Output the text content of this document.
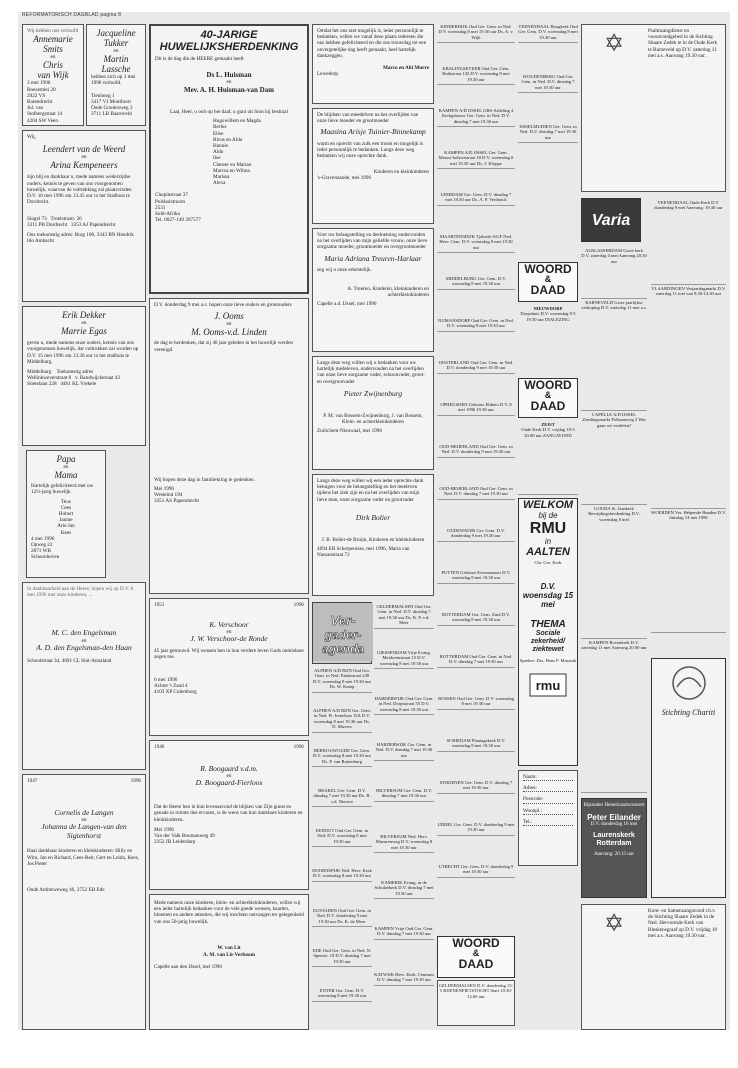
REFORMATORISCH DAGBLAD pagina 8
Wij hebben ons verloofd
Annemarie
Smits
en
Chris
van Wijk
3 mei 1996
Boezemlei 20
2922 VS
Barendrecht
Jul. van
Stolbergstraat 14
4204 SW Veen
Jacqueline
Tukker
en
Martin
Lassche
hebben zich op 3 mei 1996 verloofd.

Tienhoog 1
3417 VJ Montfoort
Oude Gooiersweg 3
3711 LB Baarnveld
Wij,
Leendert van de Weerd
en
Arina Kempeneers

zijn blij en dankbaar u, mede namens wederzijdse ouders, kennis te geven van ons voorgenomen huwelijk, waarvan de voltrekking zal plaatsvinden D.V. 10 mei 1996 om 13.45 uur in het Stadhuis te Dordrecht.

Singel 73 Troelstrastr. 26
3311 PB Dordrecht 3353 AJ Papendrecht

Ons toekomstig adres: Burg 100, 3343 BN Hendrik Ido Ambacht

Erik Dekker
en
Marrie Egas

geven u, mede namens onze ouders, kennis van ons voorgenomen huwelijk, dat voltrokken zal worden op D.V. 15 mei 1996 om 13.30 uur in het stadhuis te Middelburg.

Middelburg Toekomstig adres
Wellinkweverstraat 8 v. Randwijckstraat 43
Stietelaan 228 4461 KL Vrekele
Papa
en
Mama

Hartelijk gefeliciteerd met uw 12½-jarig huwelijk

Teus
Cees
Hubert
Janine
Arie Jan
Kees
4 mei 1996
Opweg 22
2871 WB
Schoonhoven
In dankbaarheid aan de Heere, hopen wij op D.V. 8 mei 1996 met onze kinderen, ...

M. C. den Engelsman
en
A. D. den Engelsman-den Haan

Schoolstraat 34, 4691 CL Sint-Annaland

1947	1996

Cornelis de Langen
en
Johanna de Langen-van den Sigtenhorst

Haai dankbaar kinderen en kleinkinderen: Hilly en Wim, Jan en Richard, Cees-Reit, Gert en Leida, Kees, Jos Pieter

Oude Ambtsweweg 46, 2752 EB Ede

40-JARIGE HUWELIJKSHERDENKING

Dit is de dag die de HEERE gemaakt heeft

Ds L. Huisman
en
Mev. A. H. Huisman-van Dam

Laat, Heer, u ooit op het daal; u gunt uit Sion hij bestraal

Hugowillem en Magda
Berlus
Elise
Ricus en Alda
Hannie
Aldo
Ilse
Chester en Marian
Marcus en Wilma
Marissa
Alexa
Chopinstraat 37
Polsholstroom
2531
Sold-Afrika
Tel. 0027-149 297577

D.V. donderdag 9 mei a.s. hopen onze lieve ouders en grootouders

J. Ooms
en
M. Ooms-v.d. Linden

de dag te herdenken, dat zij 40 jaar geleden in het huwelijk werden verenigd.

Wij hopen deze dag in familiekring te gedenken.

Mei 1996
Westeind 194
3351 AS Papendrecht
1951	1996

K. Verschoor
en
J. W. Verschoor-de Ronde

45 jaar getrouwd. Wij wensen hen in hun verdere leven Gods onmisbare zegen toe.

6 mei 1996
Achter 't Zand 4
4103 XP Culemborg
1946	1996

R. Boogaard v.d.m.
en
D. Boogaard-Fierloos

Dat de Heere hen in hun levensavond de blijken van Zijn gunst en genade in ruimte doe ervaren, is de wens van hun dankbare kinderen en kleinkinderen.

Mei 1996
Van der Valk Boumanweg 49
2352 JB Leiderdorp

Mede namens onze kinderen, klein- en achterkleinkinderen, willen wij een ieder hartelijk bedanken voor de vele goede wensen, kaarten, bloemen en andere attenties, die wij mochten ontvangen ter gelegenheid van ons 50-jarig huwelijk.

W. van Lit
A. M. van Lit-Verboom

Capelle aan den IJssel, mei 1996

Omdat het ons niet mogelijk is, ieder persoonlijk te bedanken, willen we vanaf deze plaats iedereen die ons hebben gefeliciteerd en die ons trouwdag tot een onvergetelijke dag heeft gemaakt, heel hartelijk dankzeggen.

Marco en Abi Murre

Lewedorp

De blijdsen van meedelven na het overlijden van onze lieve moeder en grootmoeder

Maasina Arisje Tuinier-Binnekamp

warm en oprecht van zulk een troost en mogelijk is ieder persoonlijk te bedanken. Langs deze weg bedanken wij onze oprechte dank.

Kinderen en kleinkinderen

's-Gravenzande, mei 1996

Voor uw belangstelling en deelneming ondervonden na het overlijden van mijn geliefde vrouw, onze lieve zorgzame moeder, grootmoeder en overgrootmoeder

Maria Adriana Treuren-Harlaar

zeg wij u onze erkentelijk.

A. Treuren, Kinderen, kleinkinderen en achterkleinkinderen

Capelle a.d. IJssel, mei 1996

Langs deze weg willen wij u bedanken voor uw hartelijk medeleven, ondervonden na het overlijden van onze lieve zorgzame vader, schoonvader, groot- en overgrootvader

Pieter Zwijnenburg

P. M. van Bossem-Zwijnenburg, J. van Bossem, Klein- en achterkleinkinderen

Zuilichem-Nieuwaal, mei 1996

Langs deze weg willen wij een ieder oprechte dank betuigen voor de belangstelling en het meeleven tijdens het ziek zijn en na het overlijden van mijn lieve man, onze zorgzame vader en grootvader

Dirk Bolier

J. B. Bolier-de Bruijn, Kinderen en kleinkinderen

4694 EB Scherpenisse, mei 1996, Maria van Nassaustraat 72
Ver-
gader-
agenda
ALPHEN A/D RIJN Oud Ger. Gem. in Ned. Eindsstraat 249 D.V. woensdag 8 mei 19.30 uur Ds. W. Kamp
ALPHEN A/D RIJN Ger. Gem. in Ned. Pr. Irenelaan 15A D.V. woensdag 8 mei 19.30 uur Ds. D. Muvers
BERKOUWOUDE Ger. Gem. D.V. woensdag 8 mei 19.30 uur Ds. P. van Ruitenburg
BRAKEL Ger. Gem. D.V. dinsdag 7 mei 19.30 uur Ds. R. v.d. Nieuwe
EEDOUT Oud Ger. Gem. in Ned. D.V. woensdag 8 mei 19.30 uur
DOORNSPIJK Ned. Herv. Kerk D.V. woensdag 8 mei 19.30 uur
EUSTADEN Oud Ger. Gem. in Ned. D.V. donderdag 9 mei 19.30 uur Ds. K. de Meer
EDE Oud Ger. Gem. in Ned. N. Speeste, 18 D.V. dinsdag 7 mei 19.30 uur
ENTER Ger. Gem. D.V. woensdag 8 mei 19.30 uur
GELDERMALSEN Oud Ger. Gem. in Ned. D.V. dinsdag 7 mei 19.30 uur Ds. K. P. v.d. Meer
GIESSENDAM Vrije Evang. Meidorenstraat 15 D.V. woensdag 8 mei 19.30 uur
HARDERWIJK Oud Ger. Gem. in Ned. Dorpsstraat 55 D.V. woensdag 8 mei 19.30 uur
HARDERWIJK Ger. Gem. in Ned. D.V. dinsdag 7 mei 19.30 uur
HILVERSUM Ger. Gem. D.V. dinsdag 7 mei 19.30 uur
HILVERSUM Ned. Herv. Mazurenweg D.V. woensdag 8 mei 19.30 uur
KAMERIK Evang. in de Schulzekerk D.V. dinsdag 7 mei 19.30 uur
KAMPEN Vrije Oud Ger. Gem. D.V. dinsdag 7 mei 19.30 uur
KATWIJK Herv. Kerk, Centrum D.V. dinsdag 7 mei 19.30 uur
KINDERDIJK Oud Ger. Gem. in Ned. D.V. woensdag 8 mei 19.30 uur Ds. A. v. Wijk
KRALINGSEVEER Oud Ger. Gem. Ruthstraat 143 D.V. woensdag 8 mei 19.30 uur
KAMPEN A/D IJSSEL GBS-Afdeling 4 Kerkgebouw Ger. Gem. in Ned. D.V. dinsdag 7 mei 19.30 uur
KAMPEN A/D IJSSEL Ger. Gem. Mezzo-bolsterstraat 18 D.V. woensdag 8 mei 19.30 uur Ds. J. Kloppe
LEERDAM Ger. Gem. D.V. dinsdag 7 mei 19.30 uur Ds. A. P. Verdonck
MAARTENSDIJK Tjalsede 0/GF Ned. Herv. Gem. D.V. woensdag 8 mei 19.30 uur
MIDDELBURG Ger. Gem. D.V. woensdag 8 mei 19.30 uur
NUMANSDORP Oud Ger. Gem. in Ned. D.V. woensdag 8 mei 19.30 uur
OOSTERLAND Oud Ger. Gem. in Ned. D.V. donderdag 9 mei 19.30 uur
OPHEUSDEN Gebouw Eltheto D.V. 8 mei 1996 19.30 uur
OUD-BEIJERLAND Oud Ger. Gem. in Ned. D.V. donderdag 9 mei 19.30 uur
OUD-BEIJERLAND Oud Ger. Gem. in Ned. D.V. dinsdag 7 mei 19.30 uur
OUDEWATER Ger. Gem. D.V. donderdag 9 mei 19.30 uur
PUTTEN Geboure Evenaenauer D.V. woensdag 8 mei 19.30 uur
ROTTERDAM Ger. Gem. Zuid D.V. woensdag 8 mei 19.30 uur
ROTTERDAM Oud Ger. Gem. in Ned. D.V. dinsdag 7 mei 19.30 uur
ROSSEN Oud Ger. Gem. D.V. woensdag 8 mei 19.30 uur
SCHIEDAM Plantagekerk D.V. woensdag 8 mei 19.30 uur
STRIJENEN Ger. Gem. D.V. dinsdag 7 mei 19.30 uur
UDDEL Ger. Gem. D.V. donderdag 9 mei 19.30 uur
UTRECHT Ger. Gem. D.V. donderdag 9 mei 19.30 uur
WOORD
&
DAAD
GELDERMALSEN D.V. donderdag 15-5 BIJENENFIETSTOCHT Start 10.30-12.00 uur
VEENENDAAL Hoogkerk Oud Ger. Gem. D.V. woensdag 8 mei 19.30 uur
WOUDENBERG Oud Ger. Gem. in Ned. D.V. dinsdag 7 mei 19.30 uur
IJSSELMUIDEN Ger. Gem. in Ned. D.V. dinsdag 7 mei 19.30 uur
WOORD
&
DAAD
NIEUWDORP
Dorpshuis D.V. woensdag 8-5 19.30 uur DIALEZING
WOORD
&
DAAD
ZEIST
Oude Kerk D.V. vrijdag 10-5 20.00 uur ZANGAVOND
WELKOM
bij de
RMU
in
AALTEN
Chr. Ger. Kerk

D.V. woensdag 15 mei

THEMA
Sociale zekerheid/ ziektewet
Spreker: Drs. Hans F. Massink

rmu
Naam:
Adres:
Postcode:
Woonpl.:
Tel.:
✡	Psalmzangdienst en vooravondgebed in de Sichting Shaare Zedek te in de Oude Kerk te Barneveld op D.V. zaterdag 11 mei a.s. Aanvang 19.30 uur.

Varia
ALBLASSERDAM Grote kerk D.V. zaterdag 4 mei Aanvang 20.30 uur
BARNEVELD Grote jaarlijkse verkoping D.V. zaterdag 11 mei a.s.
CAPELLE A/D IJSSEL Zendingsmarkt Polbaanweg 2 Wat gaan we verdelen?
GOUDA St. Janskerk Bevrijdingsherdenking D.V. woensdag 8 mei
KAMPEN Bovenkerk D.V. zaterdag 11 mei Aanvang 20.00 uur
VEENENDAAL Oude Kerk D.V. donderdag 9 mei Aanvang: 19.30 uur
VLAARDINGEN Verjaardagmarkt D.V. zaterdag 11 mei van 9.30-14.30 uur
WOERDEN Ver. Helpende Handen D.V. dinsdag 14 mei 1996
Bijzonder Hemelvaartsconcert
Peter Eilander
D.V. donderdag 16 mei
Laurenskerk Rotterdam
Aanvang: 20.15 uur
Stichting Chariti

✡	Kom- en Samenzangavond t.b.v. de Stichting Shaare Zedek in de Ned. Hervormde Kerk van Bleskensgraaf op D.V. vrijdag 10 mei a.s. Aanvang 19.30 uur.
